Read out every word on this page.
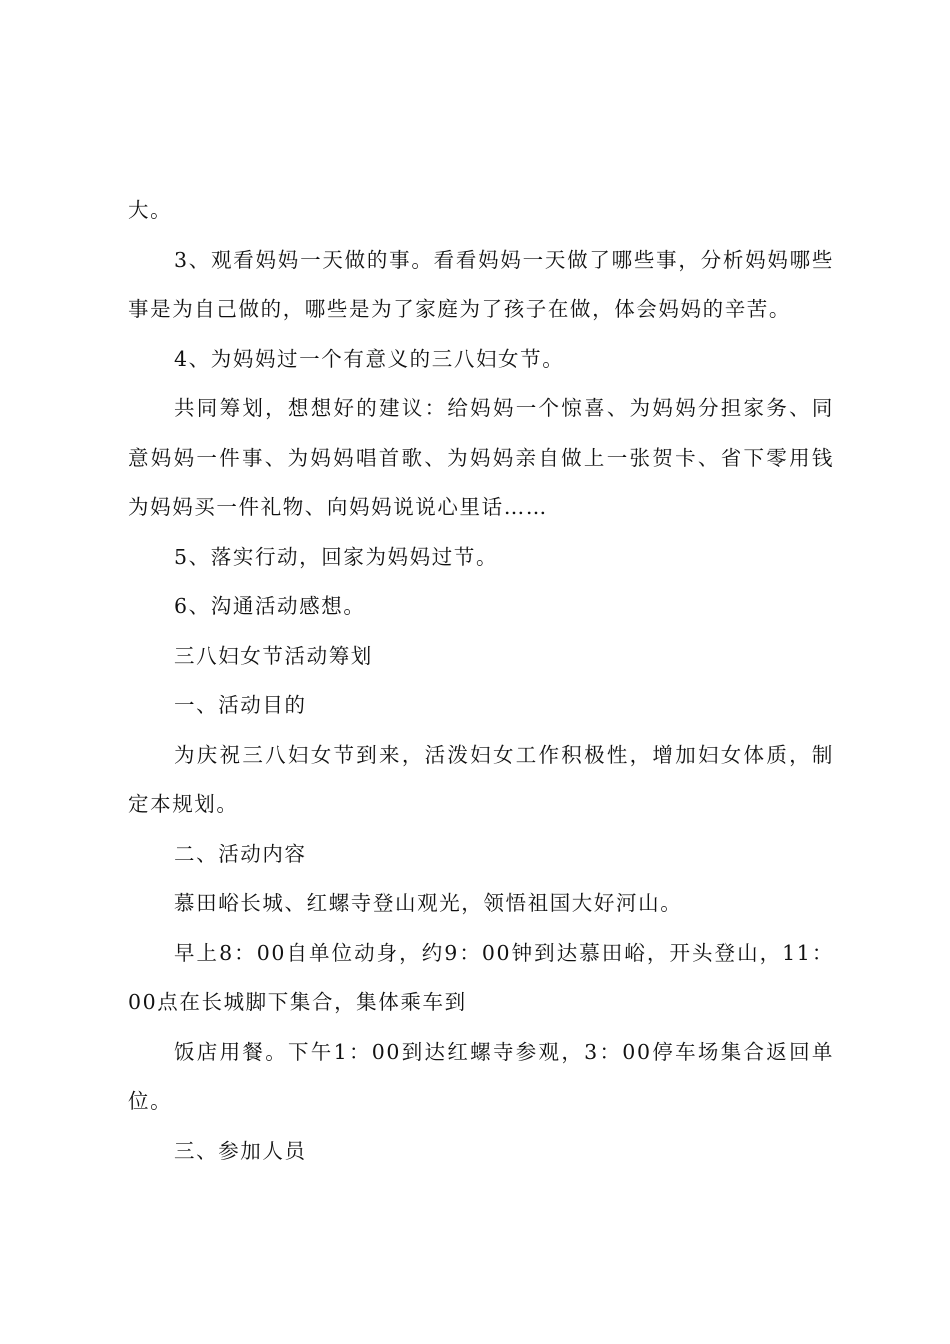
大。

3、观看妈妈一天做的事。看看妈妈一天做了哪些事，分析妈妈哪些事是为自己做的，哪些是为了家庭为了孩子在做，体会妈妈的辛苦。

4、为妈妈过一个有意义的三八妇女节。

共同筹划，想想好的建议：给妈妈一个惊喜、为妈妈分担家务、同意妈妈一件事、为妈妈唱首歌、为妈妈亲自做上一张贺卡、省下零用钱为妈妈买一件礼物、向妈妈说说心里话……

5、落实行动，回家为妈妈过节。

6、沟通活动感想。

三八妇女节活动筹划

一、活动目的

为庆祝三八妇女节到来，活泼妇女工作积极性，增加妇女体质，制定本规划。

二、活动内容

慕田峪长城、红螺寺登山观光，领悟祖国大好河山。

早上8：00自单位动身，约9：00钟到达慕田峪，开头登山，11：00点在长城脚下集合，集体乘车到

饭店用餐。下午1：00到达红螺寺参观，3：00停车场集合返回单位。

三、参加人员
